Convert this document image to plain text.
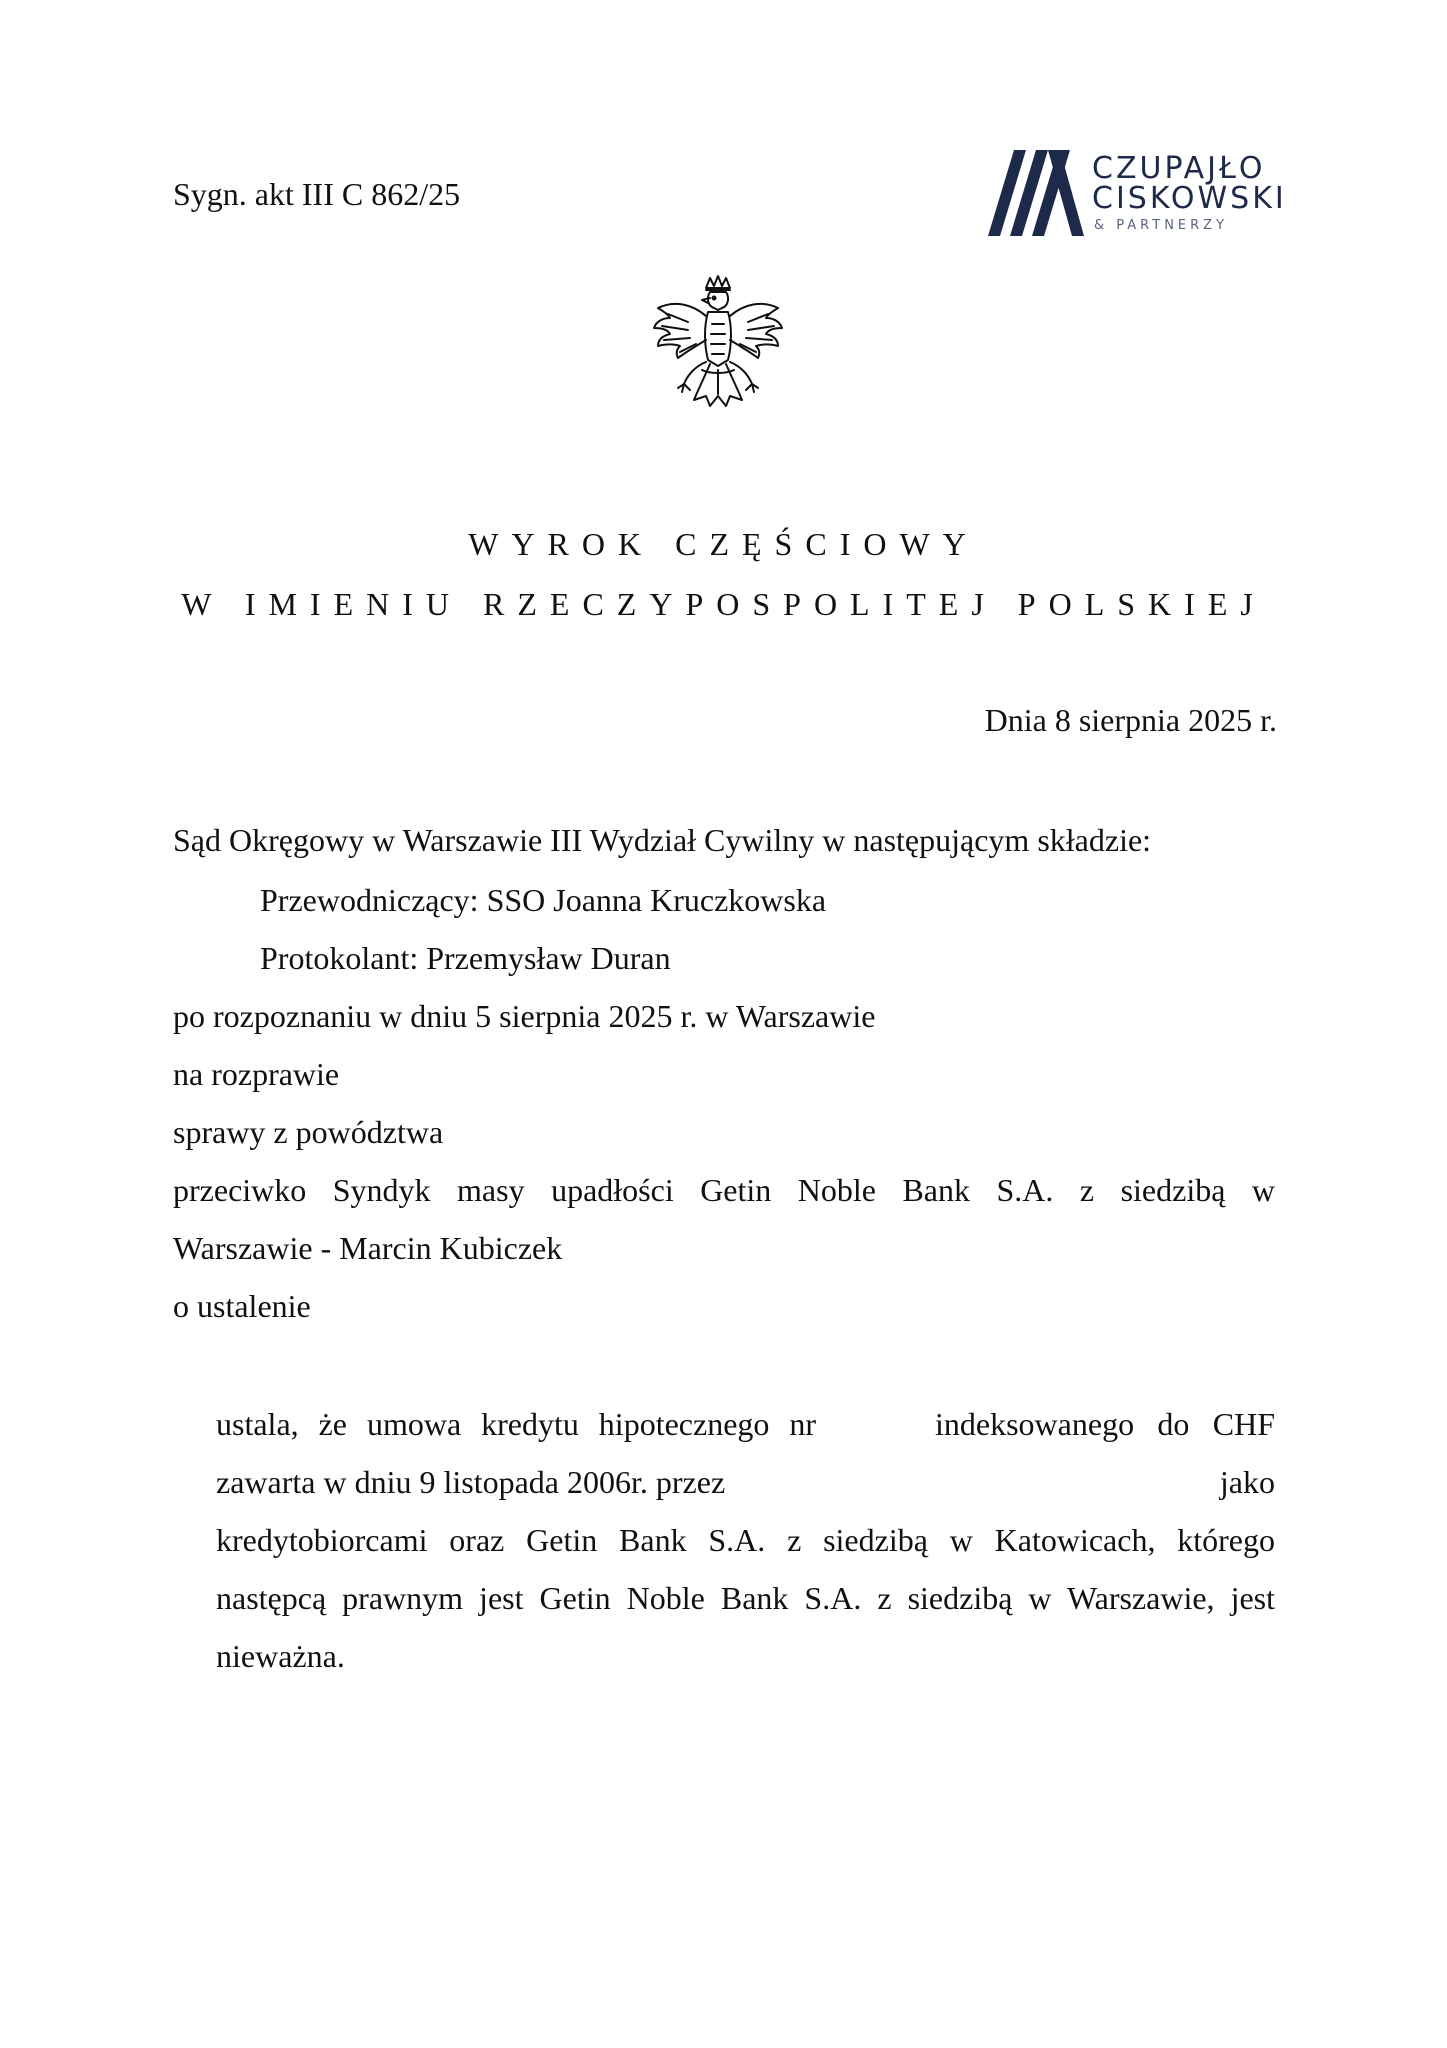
Sygn. akt III C 862/25
CZUPAJŁO
CISKOWSKI
& PARTNERZY
WYROK CZĘŚCIOWY
W IMIENIU RZECZYPOSPOLITEJ POLSKIEJ
Dnia 8 sierpnia 2025 r.
Sąd Okręgowy w Warszawie III Wydział Cywilny w następującym składzie:
Przewodniczący: SSO Joanna Kruczkowska
Protokolant: Przemysław Duran
po rozpoznaniu w dniu 5 sierpnia 2025 r. w Warszawie
na rozprawie
sprawy z powództwa
przeciwko Syndyk masy upadłości Getin Noble Bank S.A. z siedzibą w
Warszawie - Marcin Kubiczek
o ustalenie
ustala, że umowa kredytu hipotecznego nr	indeksowanego do CHF
zawarta w dniu 9 listopada 2006r. przez	jako
kredytobiorcami oraz Getin Bank S.A. z siedzibą w Katowicach, którego
następcą prawnym jest Getin Noble Bank S.A. z siedzibą w Warszawie, jest
nieważna.
